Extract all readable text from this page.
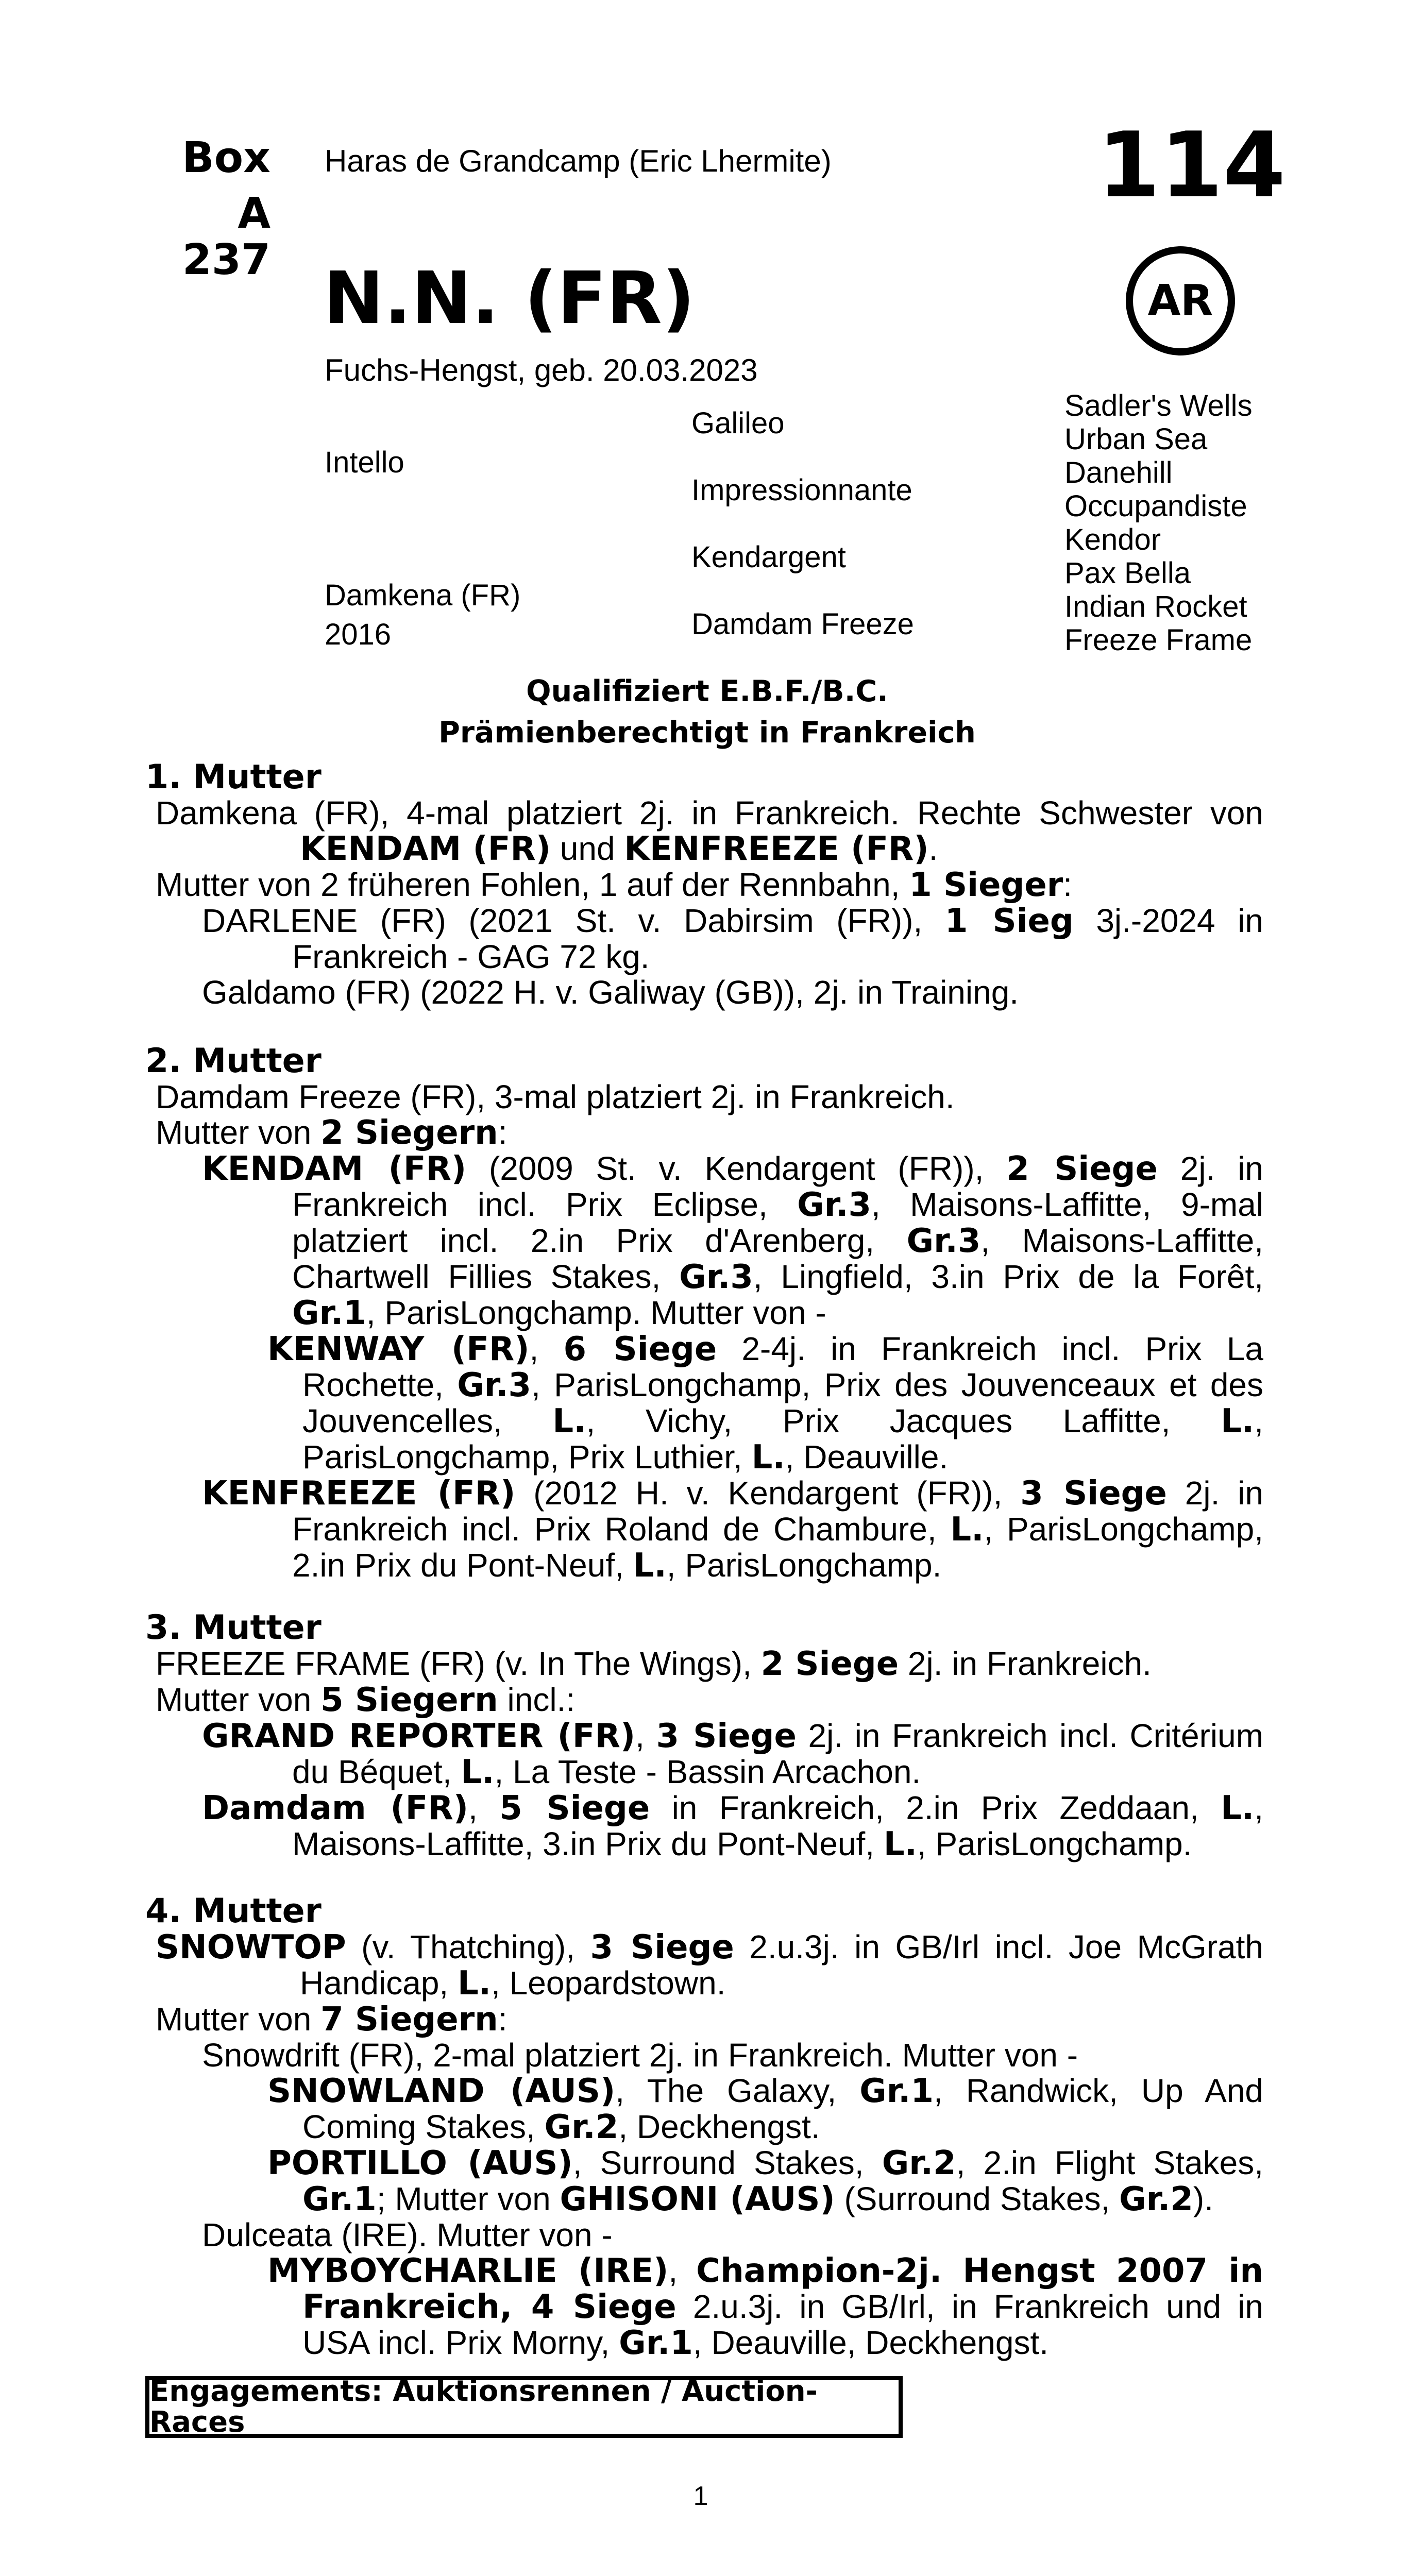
Box
A 237
Haras de Grandcamp (Eric Lhermite)	114
AR
N.N. (FR)
Fuchs-Hengst, geb. 20.03.2023
Intello
Damkena (FR)
2016
Galileo
Impressionnante
Kendargent
Damdam Freeze
Sadler's Wells
Urban Sea
Danehill
Occupandiste
Kendor
Pax Bella
Indian Rocket
Freeze Frame
Qualifiziert E.B.F./B.C.
Prämienberechtigt in Frankreich
1. Mutter
Damkena (FR), 4-mal platziert 2j. in Frankreich. Rechte Schwester von KENDAM (FR) und KENFREEZE (FR).
Mutter von 2 früheren Fohlen, 1 auf der Rennbahn, 1 Sieger:
DARLENE (FR) (2021 St. v. Dabirsim (FR)), 1 Sieg 3j.-2024 in Frankreich - GAG 72 kg.
Galdamo (FR) (2022 H. v. Galiway (GB)), 2j. in Training.
2. Mutter
Damdam Freeze (FR), 3-mal platziert 2j. in Frankreich.
Mutter von 2 Siegern:
KENDAM (FR) (2009 St. v. Kendargent (FR)), 2 Siege 2j. in Frankreich incl. Prix Eclipse, Gr.3, Maisons-Laffitte, 9-mal platziert incl. 2.in Prix d'Arenberg, Gr.3, Maisons-Laffitte, Chartwell Fillies Stakes, Gr.3, Lingfield, 3.in Prix de la Forêt, Gr.1, ParisLongchamp. Mutter von -
KENWAY (FR), 6 Siege 2-4j. in Frankreich incl. Prix La Rochette, Gr.3, ParisLongchamp, Prix des Jouvenceaux et des Jouvencelles, L., Vichy, Prix Jacques Laffitte, L., ParisLongchamp, Prix Luthier, L., Deauville.
KENFREEZE (FR) (2012 H. v. Kendargent (FR)), 3 Siege 2j. in Frankreich incl. Prix Roland de Chambure, L., ParisLongchamp, 2.in Prix du Pont-Neuf, L., ParisLongchamp.
3. Mutter
FREEZE FRAME (FR) (v. In The Wings), 2 Siege 2j. in Frankreich.
Mutter von 5 Siegern incl.:
GRAND REPORTER (FR), 3 Siege 2j. in Frankreich incl. Critérium du Béquet, L., La Teste - Bassin Arcachon.
Damdam (FR), 5 Siege in Frankreich, 2.in Prix Zeddaan, L., Maisons-Laffitte, 3.in Prix du Pont-Neuf, L., ParisLongchamp.
4. Mutter
SNOWTOP (v. Thatching), 3 Siege 2.u.3j. in GB/Irl incl. Joe McGrath Handicap, L., Leopardstown.
Mutter von 7 Siegern:
Snowdrift (FR), 2-mal platziert 2j. in Frankreich. Mutter von -
SNOWLAND (AUS), The Galaxy, Gr.1, Randwick, Up And Coming Stakes, Gr.2, Deckhengst.
PORTILLO (AUS), Surround Stakes, Gr.2, 2.in Flight Stakes, Gr.1; Mutter von GHISONI (AUS) (Surround Stakes, Gr.2).
Dulceata (IRE). Mutter von -
MYBOYCHARLIE (IRE), Champion-2j. Hengst 2007 in Frankreich, 4 Siege 2.u.3j. in GB/Irl, in Frankreich und in USA incl. Prix Morny, Gr.1, Deauville, Deckhengst.
Engagements: Auktionsrennen / Auction-Races
1
